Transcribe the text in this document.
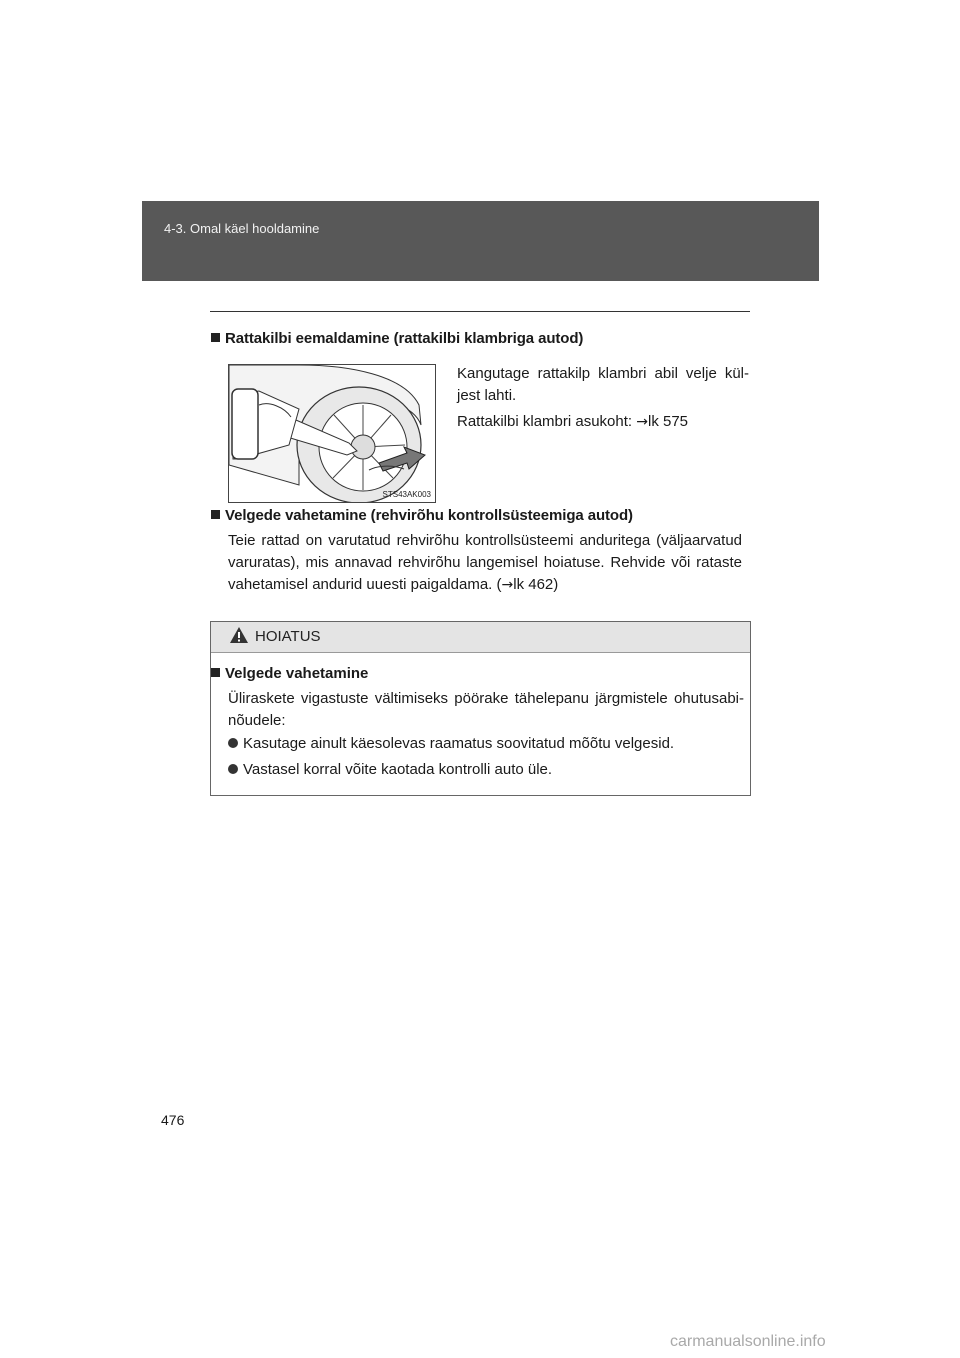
4-3. Omal käel hooldamine
Rattakilbi eemaldamine (rattakilbi klambriga autod)
STS43AK003
Kangutage rattakilp klambri abil velje kül-jest lahti.
Rattakilbi klambri asukoht: →lk 575
Velgede vahetamine (rehvirõhu kontrollsüsteemiga autod)
Teie rattad on varutatud rehvirõhu kontrollsüsteemi anduritega (väljaarvatud varuratas), mis annavad rehvirõhu langemisel hoiatuse. Rehvide või rataste vahetamisel andurid uuesti paigaldama. (→lk 462)
HOIATUS
Velgede vahetamine
Üliraskete vigastuste vältimiseks pöörake tähelepanu järgmistele ohutusabi-nõudele:
Kasutage ainult käesolevas raamatus soovitatud mõõtu velgesid.
Vastasel korral võite kaotada kontrolli auto üle.
476
carmanualsonline.info
